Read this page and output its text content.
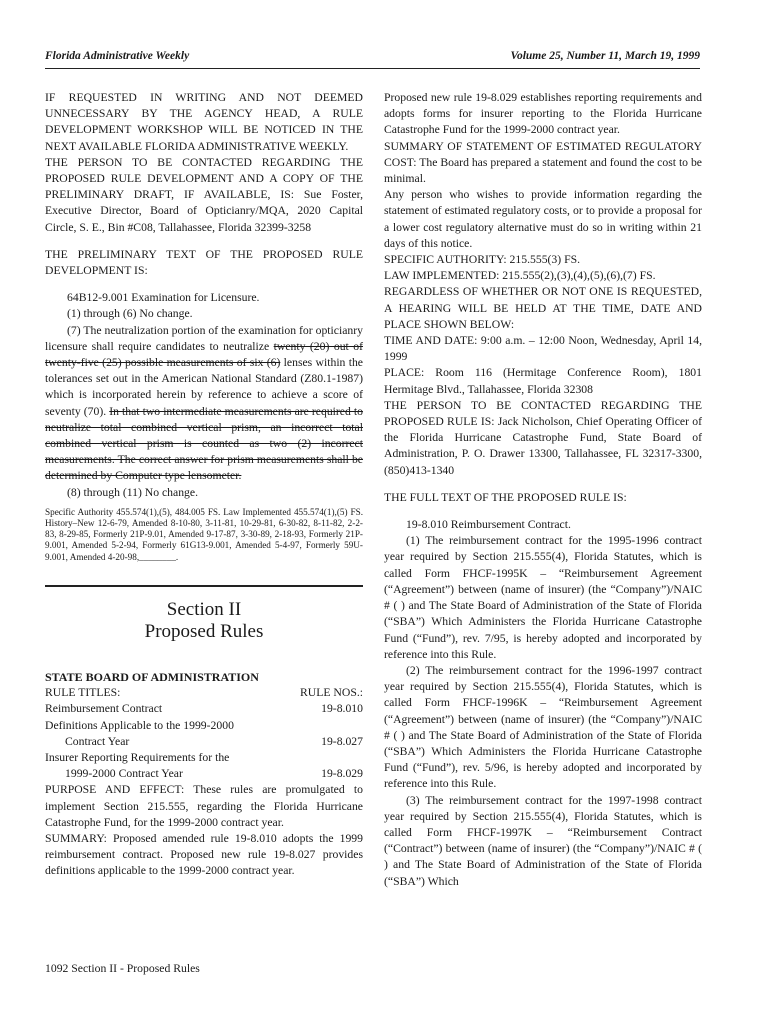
Florida Administrative Weekly	Volume 25, Number 11, March 19, 1999

IF REQUESTED IN WRITING AND NOT DEEMED UNNECESSARY BY THE AGENCY HEAD, A RULE DEVELOPMENT WORKSHOP WILL BE NOTICED IN THE NEXT AVAILABLE FLORIDA ADMINISTRATIVE WEEKLY.

THE PERSON TO BE CONTACTED REGARDING THE PROPOSED RULE DEVELOPMENT AND A COPY OF THE PRELIMINARY DRAFT, IF AVAILABLE, IS: Sue Foster, Executive Director, Board of Opticianry/MQA, 2020 Capital Circle, S. E., Bin #C08, Tallahassee, Florida 32399-3258

THE PRELIMINARY TEXT OF THE PROPOSED RULE DEVELOPMENT IS:

64B12-9.001 Examination for Licensure.

(1) through (6) No change.

(7) The neutralization portion of the examination for opticianry licensure shall require candidates to neutralize twenty (20) out of twenty-five (25) possible measurements of six (6) lenses within the tolerances set out in the American National Standard (Z80.1-1987) which is incorporated herein by reference to achieve a score of seventy (70). In that two intermediate measurements are required to neutralize total combined vertical prism, an incorrect total combined vertical prism is counted as two (2) incorrect measurements. The correct answer for prism measurements shall be determined by Computer type lensometer.

(8) through (11) No change.

Specific Authority 455.574(1),(5), 484.005 FS. Law Implemented 455.574(1),(5) FS. History–New 12-6-79, Amended 8-10-80, 3-11-81, 10-29-81, 6-30-82, 8-11-82, 2-2-83, 8-29-85, Formerly 21P-9.01, Amended 9-17-87, 3-30-89, 2-18-93, Formerly 21P-9.001, Amended 5-2-94, Formerly 61G13-9.001, Amended 5-4-97, Formerly 59U-9.001, Amended 4-20-98,________.

Section II
Proposed Rules
STATE BOARD OF ADMINISTRATION
RULE TITLES:	RULE NOS.:
Reimbursement Contract	19-8.010
Definitions Applicable to the 1999-2000
Contract Year	19-8.027
Insurer Reporting Requirements for the
1999-2000 Contract Year	19-8.029

PURPOSE AND EFFECT: These rules are promulgated to implement Section 215.555, regarding the Florida Hurricane Catastrophe Fund, for the 1999-2000 contract year.

SUMMARY: Proposed amended rule 19-8.010 adopts the 1999 reimbursement contract. Proposed new rule 19-8.027 provides definitions applicable to the 1999-2000 contract year.

Proposed new rule 19-8.029 establishes reporting requirements and adopts forms for insurer reporting to the Florida Hurricane Catastrophe Fund for the 1999-2000 contract year.

SUMMARY OF STATEMENT OF ESTIMATED REGULATORY COST: The Board has prepared a statement and found the cost to be minimal.

Any person who wishes to provide information regarding the statement of estimated regulatory costs, or to provide a proposal for a lower cost regulatory alternative must do so in writing within 21 days of this notice.

SPECIFIC AUTHORITY: 215.555(3) FS.

LAW IMPLEMENTED: 215.555(2),(3),(4),(5),(6),(7) FS.

REGARDLESS OF WHETHER OR NOT ONE IS REQUESTED, A HEARING WILL BE HELD AT THE TIME, DATE AND PLACE SHOWN BELOW:

TIME AND DATE: 9:00 a.m. – 12:00 Noon, Wednesday, April 14, 1999

PLACE: Room 116 (Hermitage Conference Room), 1801 Hermitage Blvd., Tallahassee, Florida 32308

THE PERSON TO BE CONTACTED REGARDING THE PROPOSED RULE IS: Jack Nicholson, Chief Operating Officer of the Florida Hurricane Catastrophe Fund, State Board of Administration, P. O. Drawer 13300, Tallahassee, FL 32317-3300, (850)413-1340

THE FULL TEXT OF THE PROPOSED RULE IS:

19-8.010 Reimbursement Contract.

(1) The reimbursement contract for the 1995-1996 contract year required by Section 215.555(4), Florida Statutes, which is called Form FHCF-1995K – “Reimbursement Agreement (“Agreement”) between (name of insurer) (the “Company”)/NAIC # ( ) and The State Board of Administration of the State of Florida (“SBA”) Which Administers the Florida Hurricane Catastrophe Fund (“Fund”), rev. 7/95, is hereby adopted and incorporated by reference into this Rule.

(2) The reimbursement contract for the 1996-1997 contract year required by Section 215.555(4), Florida Statutes, which is called Form FHCF-1996K – “Reimbursement Agreement (“Agreement”) between (name of insurer) (the “Company”)/NAIC # ( ) and The State Board of Administration of the State of Florida (“SBA”) Which Administers the Florida Hurricane Catastrophe Fund (“Fund”), rev. 5/96, is hereby adopted and incorporated by reference into this Rule.

(3) The reimbursement contract for the 1997-1998 contract year required by Section 215.555(4), Florida Statutes, which is called Form FHCF-1997K – “Reimbursement Contract (“Contract”) between (name of insurer) (the “Company”)/NAIC # ( ) and The State Board of Administration of the State of Florida (“SBA”) Which

1092 Section II - Proposed Rules
